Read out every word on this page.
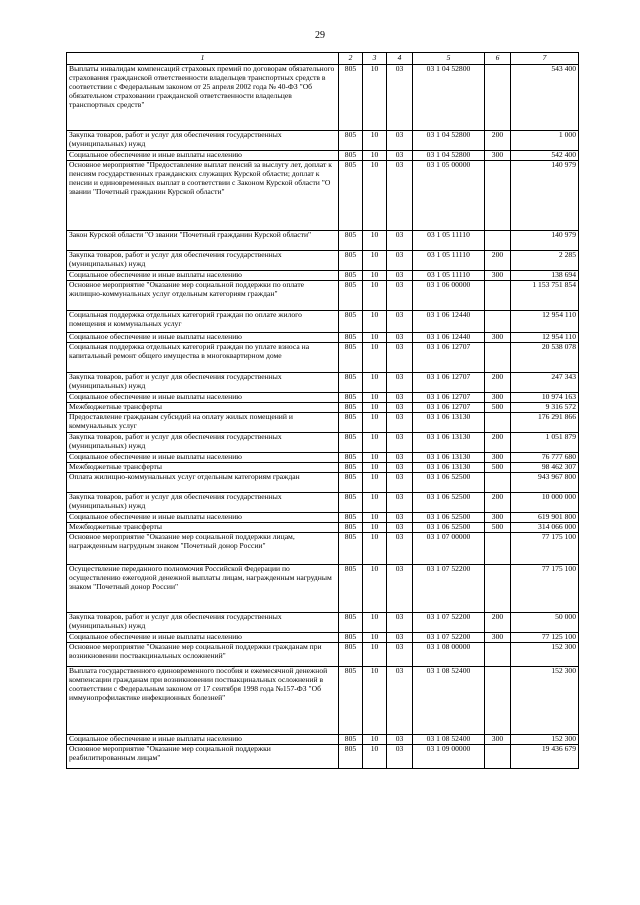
29
1	2	3	4	5	6	7
Выплаты инвалидам компенсаций страховых премий по договорам обязательного страхования гражданской ответственности владельцев транспортных средств в соответствии с Федеральным законом от 25 апреля 2002 года № 40-ФЗ "Об обязательном страховании гражданской ответственности владельцев транспортных средств"	805	10	03	03 1 04 52800		543 400
Закупка товаров, работ и услуг для обеспечения государственных (муниципальных) нужд	805	10	03	03 1 04 52800	200	1 000
Социальное обеспечение и иные выплаты населению	805	10	03	03 1 04 52800	300	542 400
Основное мероприятие "Предоставление выплат пенсий за выслугу лет, доплат к пенсиям государственных гражданских служащих Курской области; доплат к пенсии и единовременных выплат в соответствии с Законом Курской области "О звании "Почетный гражданин Курской области"	805	10	03	03 1 05 00000		140 979
Закон Курской области "О звании "Почетный гражданин Курской области"	805	10	03	03 1 05 11110		140 979
Закупка товаров, работ и услуг для обеспечения государственных (муниципальных) нужд	805	10	03	03 1 05 11110	200	2 285
Социальное обеспечение и иные выплаты населению	805	10	03	03 1 05 11110	300	138 694
Основное мероприятие "Оказание мер социальной поддержки по оплате жилищно-коммунальных услуг отдельным категориям граждан"	805	10	03	03 1 06 00000		1 153 751 854
Социальная поддержка отдельных категорий граждан по оплате жилого помещения и коммунальных услуг	805	10	03	03 1 06 12440		12 954 110
Социальное обеспечение и иные выплаты населению	805	10	03	03 1 06 12440	300	12 954 110
Социальная поддержка отдельных категорий граждан по уплате взноса на капитальный ремонт общего имущества в многоквартирном доме	805	10	03	03 1 06 12707		20 538 078
Закупка товаров, работ и услуг для обеспечения государственных (муниципальных) нужд	805	10	03	03 1 06 12707	200	247 343
Социальное обеспечение и иные выплаты населению	805	10	03	03 1 06 12707	300	10 974 163
Межбюджетные трансферты	805	10	03	03 1 06 12707	500	9 316 572
Предоставление гражданам субсидий на оплату жилых помещений и коммунальных услуг	805	10	03	03 1 06 13130		176 291 866
Закупка товаров, работ и услуг для обеспечения государственных (муниципальных) нужд	805	10	03	03 1 06 13130	200	1 051 879
Социальное обеспечение и иные выплаты населению	805	10	03	03 1 06 13130	300	76 777 680
Межбюджетные трансферты	805	10	03	03 1 06 13130	500	98 462 307
Оплата жилищно-коммунальных услуг отдельным категориям граждан	805	10	03	03 1 06 52500		943 967 800
Закупка товаров, работ и услуг для обеспечения государственных (муниципальных) нужд	805	10	03	03 1 06 52500	200	10 000 000
Социальное обеспечение и иные выплаты населению	805	10	03	03 1 06 52500	300	619 901 800
Межбюджетные трансферты	805	10	03	03 1 06 52500	500	314 066 000
Основное мероприятие "Оказание мер социальной поддержки лицам, награжденным нагрудным знаком "Почетный донор России"	805	10	03	03 1 07 00000		77 175 100
Осуществление переданного полномочия Российской Федерации по осуществлению ежегодной денежной выплаты лицам, награжденным нагрудным знаком "Почетный донор России"	805	10	03	03 1 07 52200		77 175 100
Закупка товаров, работ и услуг для обеспечения государственных (муниципальных) нужд	805	10	03	03 1 07 52200	200	50 000
Социальное обеспечение и иные выплаты населению	805	10	03	03 1 07 52200	300	77 125 100
Основное мероприятие "Оказание мер социальной поддержки гражданам при возникновении поствакцинальных осложнений"	805	10	03	03 1 08 00000		152 300
Выплата государственного единовременного пособия и ежемесячной денежной компенсации гражданам при возникновении поствакцинальных осложнений в соответствии с Федеральным законом от 17 сентября 1998 года №157-ФЗ "Об иммунопрофилактике инфекционных болезней"	805	10	03	03 1 08 52400		152 300
Социальное обеспечение и иные выплаты населению	805	10	03	03 1 08 52400	300	152 300
Основное мероприятие "Оказание мер социальной поддержки реабилитированным лицам"	805	10	03	03 1 09 00000		19 436 679
